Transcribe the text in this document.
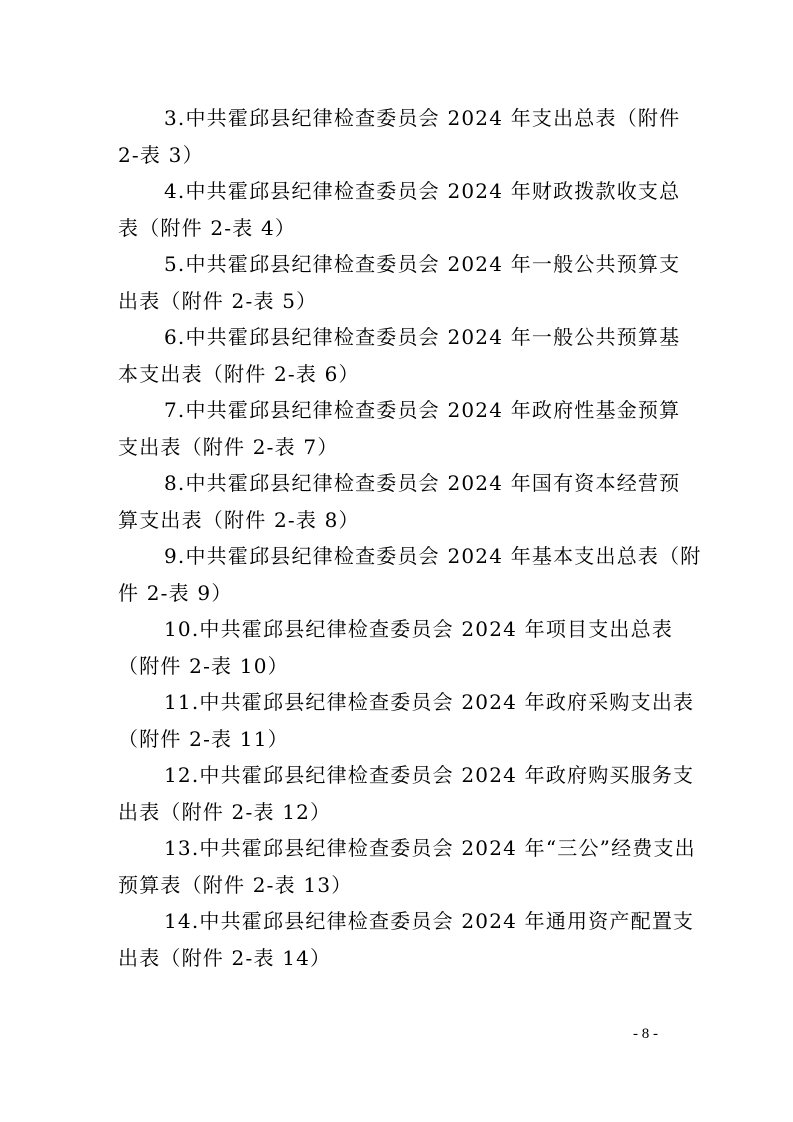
3.中共霍邱县纪律检查委员会 2024 年支出总表（附件
2-表 3）
4.中共霍邱县纪律检查委员会 2024 年财政拨款收支总
表（附件 2-表 4）
5.中共霍邱县纪律检查委员会 2024 年一般公共预算支
出表（附件 2-表 5）
6.中共霍邱县纪律检查委员会 2024 年一般公共预算基
本支出表（附件 2-表 6）
7.中共霍邱县纪律检查委员会 2024 年政府性基金预算
支出表（附件 2-表 7）
8.中共霍邱县纪律检查委员会 2024 年国有资本经营预
算支出表（附件 2-表 8）
9.中共霍邱县纪律检查委员会 2024 年基本支出总表（附
件 2-表 9）
10.中共霍邱县纪律检查委员会 2024 年项目支出总表
（附件 2-表 10）
11.中共霍邱县纪律检查委员会 2024 年政府采购支出表
（附件 2-表 11）
12.中共霍邱县纪律检查委员会 2024 年政府购买服务支
出表（附件 2-表 12）
13.中共霍邱县纪律检查委员会 2024 年“三公”经费支出
预算表（附件 2-表 13）
14.中共霍邱县纪律检查委员会 2024 年通用资产配置支
出表（附件 2-表 14）
- 8 -
